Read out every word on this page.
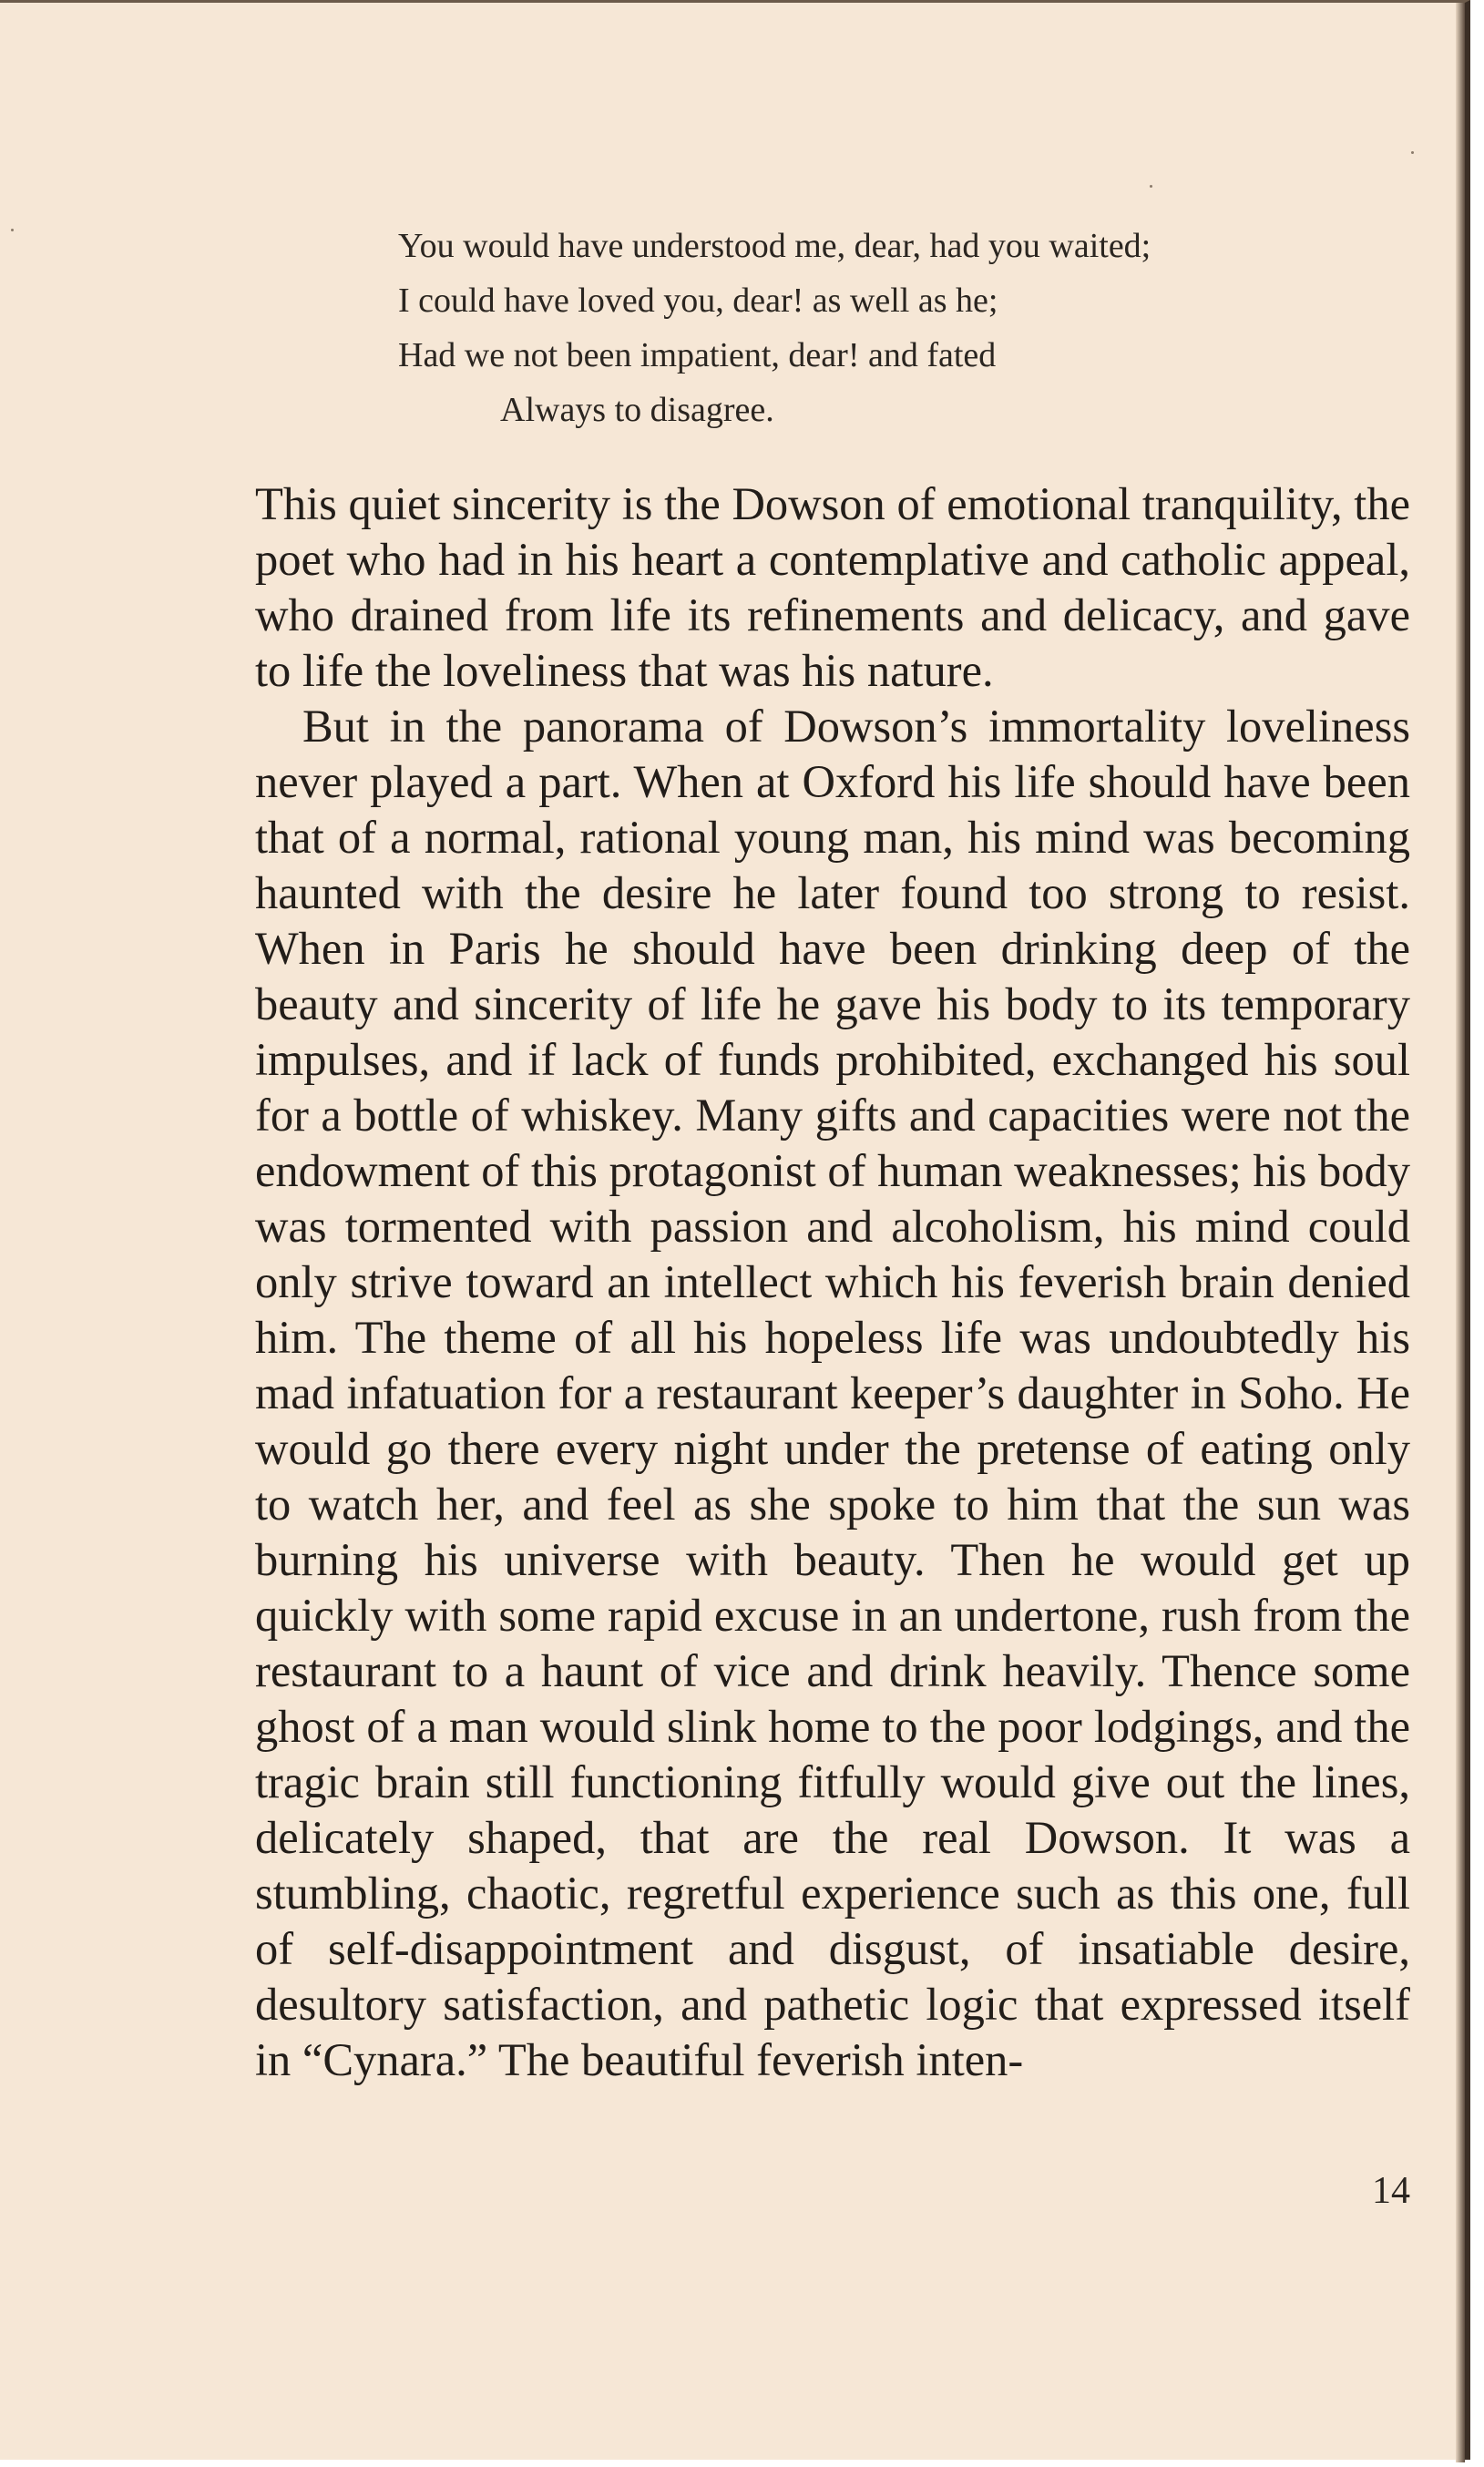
You would have understood me, dear, had you waited;
I could have loved you, dear! as well as he;
Had we not been impatient, dear! and fated
Always to disagree.

This quiet sincerity is the Dowson of emotional tranquility, the poet who had in his heart a contemplative and catholic appeal, who drained from life its refinements and delicacy, and gave to life the loveliness that was his nature.

But in the panorama of Dowson’s immortality loveliness never played a part. When at Oxford his life should have been that of a normal, rational young man, his mind was becoming haunted with the desire he later found too strong to resist. When in Paris he should have been drinking deep of the beauty and sincerity of life he gave his body to its temporary impulses, and if lack of funds prohibited, exchanged his soul for a bottle of whiskey. Many gifts and capacities were not the endowment of this protagonist of human weaknesses; his body was tormented with passion and alcoholism, his mind could only strive toward an intellect which his feverish brain denied him. The theme of all his hopeless life was undoubtedly his mad infatuation for a restaurant keeper’s daughter in Soho. He would go there every night under the pretense of eating only to watch her, and feel as she spoke to him that the sun was burning his universe with beauty. Then he would get up quickly with some rapid excuse in an undertone, rush from the restaurant to a haunt of vice and drink heavily. Thence some ghost of a man would slink home to the poor lodgings, and the tragic brain still functioning fitfully would give out the lines, delicately shaped, that are the real Dowson. It was a stumbling, chaotic, regretful experience such as this one, full of self-disappointment and disgust, of insatiable desire, desultory satisfaction, and pathetic logic that expressed itself in “Cynara.” The beautiful feverish inten-

14
